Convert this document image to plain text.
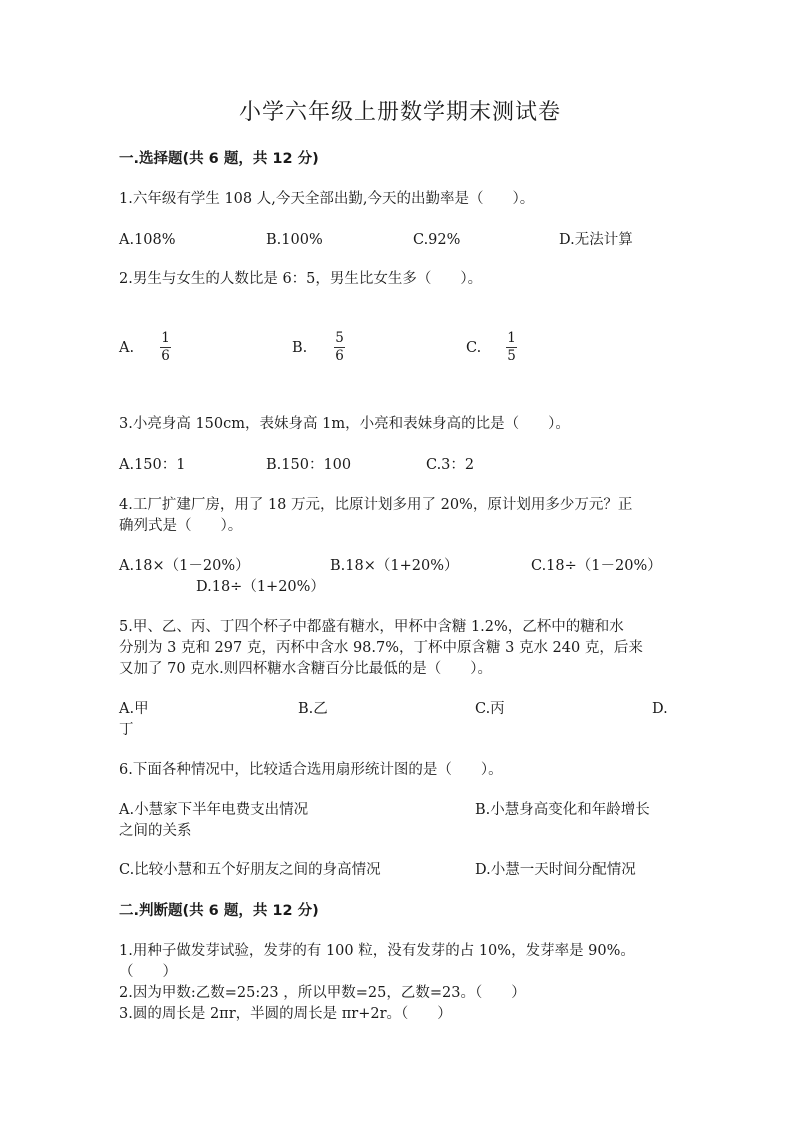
小学六年级上册数学期末测试卷
一.选择题(共 6 题，共 12 分)
1.六年级有学生 108 人,今天全部出勤,今天的出勤率是（　　）。
A.108%	B.100%	C.92%	D.无法计算
2.男生与女生的人数比是 6：5，男生比女生多（　　）。
A.
1
6	B.
5
6	C.
1
5
3.小亮身高 150cm，表妹身高 1m，小亮和表妹身高的比是（　　）。
A.150：1	B.150：100	C.3：2
4.工厂扩建厂房，用了 18 万元，比原计划多用了 20%，原计划用多少万元？正
确列式是（　　）。
A.18×（1－20%）	B.18×（1+20%）	C.18÷（1－20%）
D.18÷（1+20%）
5.甲、乙、丙、丁四个杯子中都盛有糖水，甲杯中含糖 1.2%，乙杯中的糖和水
分别为 3 克和 297 克，丙杯中含水 98.7%，丁杯中原含糖 3 克水 240 克，后来
又加了 70 克水.则四杯糖水含糖百分比最低的是（　　）。
A.甲	B.乙	C.丙	D.
丁
6.下面各种情况中，比较适合选用扇形统计图的是（　　）。
A.小慧家下半年电费支出情况	B.小慧身高变化和年龄增长
之间的关系
C.比较小慧和五个好朋友之间的身高情况	D.小慧一天时间分配情况
二.判断题(共 6 题，共 12 分)
1.用种子做发芽试验，发芽的有 100 粒，没有发芽的占 10%，发芽率是 90%。
（　　）
2.因为甲数:乙数=25:23 ，所以甲数=25，乙数=23。（　　）
3.圆的周长是 2πr，半圆的周长是 πr+2r。（　　）
